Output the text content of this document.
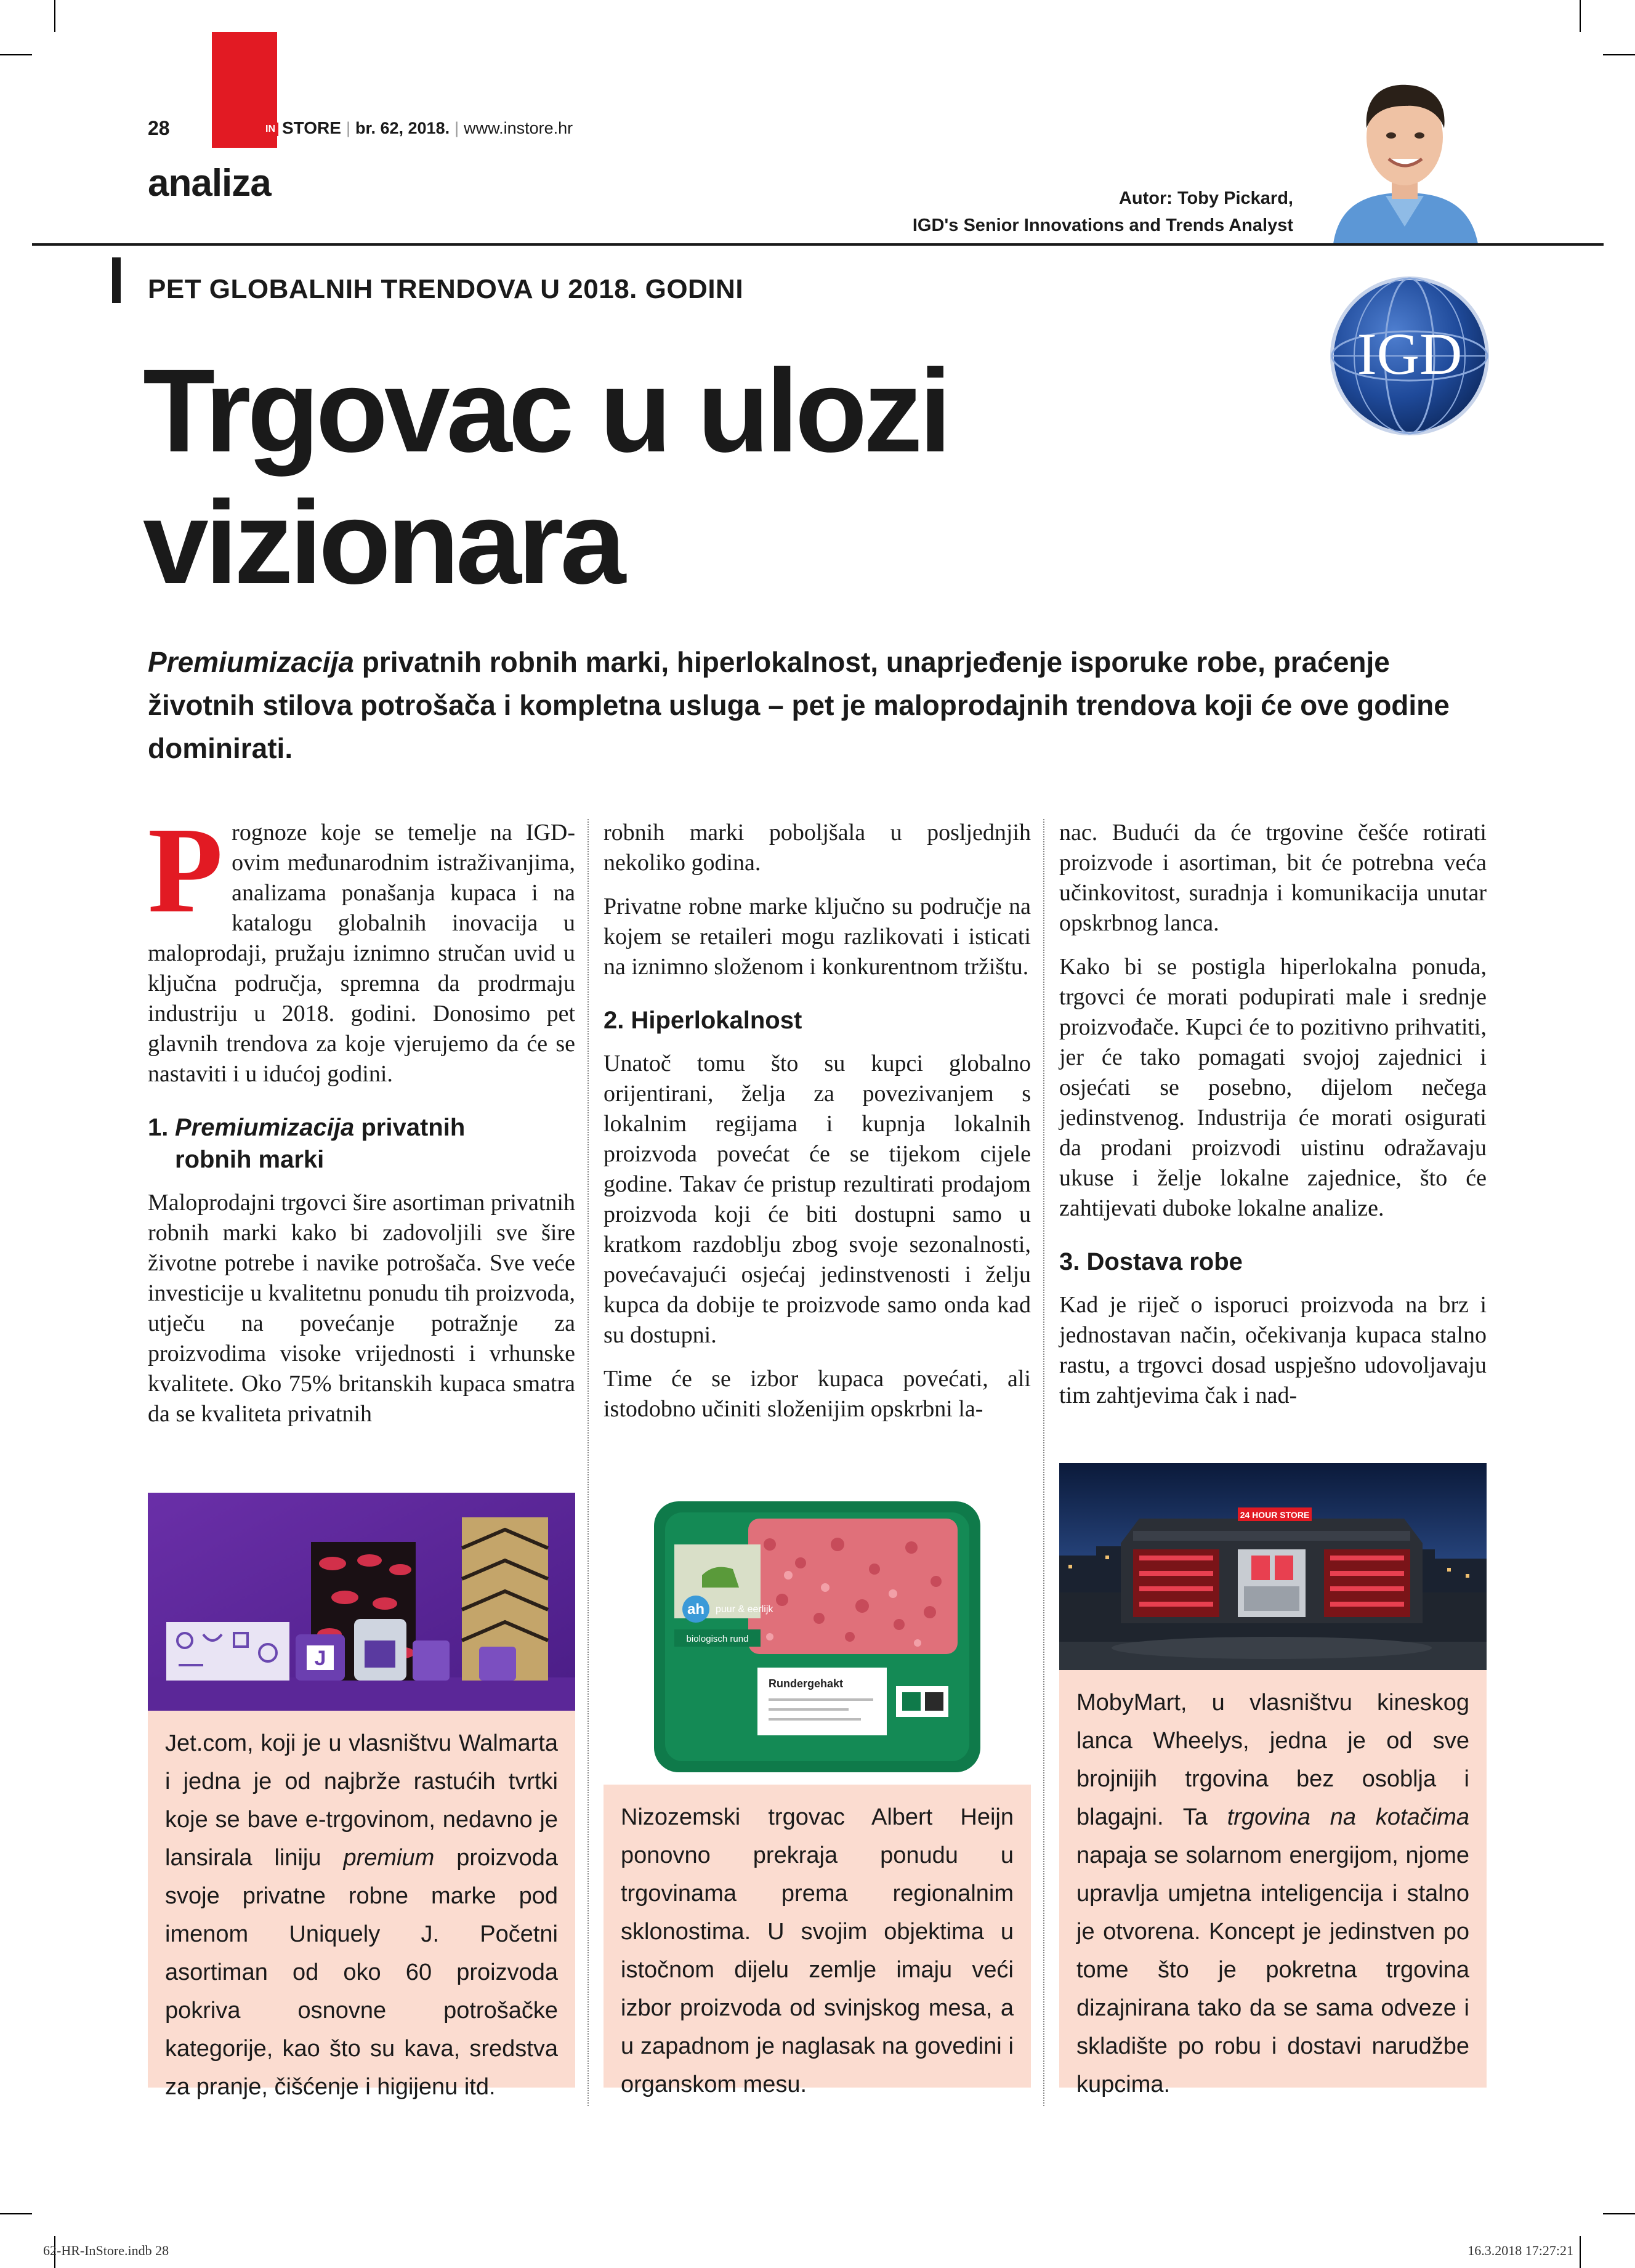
28	IN STORE | br. 62, 2018. | www.instore.hr
analiza	Autor: Toby Pickard,
IGD's Senior Innovations and Trends Analyst
PET GLOBALNIH TRENDOVA U 2018. GODINI
IGD
Trgovac u ulozi
vizionara
Premiumizacija privatnih robnih marki, hiperlokalnost, unaprjeđenje isporuke robe, praćenje životnih stilova potrošača i kompletna usluga – pet je maloprodajnih trendova koji će ove godine dominirati.

Prognoze koje se temelje na IGD-ovim međunarodnim istraživanjima, analizama ponašanja kupaca i na katalogu globalnih inovacija u maloprodaji, pružaju iznimno stručan uvid u ključna područja, spremna da prodrmaju industriju u 2018. godini. Donosimo pet glavnih trendova za koje vjerujemo da će se nastaviti i u idućoj godini.

1. Premiumizacija privatnih
robnih marki

Maloprodajni trgovci šire asortiman privatnih robnih marki kako bi zadovoljili sve šire životne potrebe i navike potrošača. Sve veće investicije u kvalitetnu ponudu tih proizvoda, utječu na povećanje potražnje za proizvodima visoke vrijednosti i vrhunske kvalitete. Oko 75% britanskih kupaca smatra da se kvaliteta privatnih

robnih marki poboljšala u posljednjih nekoliko godina.

Privatne robne marke ključno su područje na kojem se retaileri mogu razlikovati i isticati na iznimno složenom i konkurentnom tržištu.

2. Hiperlokalnost

Unatoč tomu što su kupci globalno orijentirani, želja za povezivanjem s lokalnim regijama i kupnja lokalnih proizvoda povećat će se tijekom cijele godine. Takav će pristup rezultirati prodajom proizvoda koji će biti dostupni samo u kratkom razdoblju zbog svoje sezonalnosti, povećavajući osjećaj jedinstvenosti i želju kupca da dobije te proizvode samo onda kad su dostupni.

Time će se izbor kupaca povećati, ali istodobno učiniti složenijim opskrbni la-

nac. Budući da će trgovine češće rotirati proizvode i asortiman, bit će potrebna veća učinkovitost, suradnja i komunikacija unutar opskrbnog lanca.

Kako bi se postigla hiperlokalna ponuda, trgovci će morati podupirati male i srednje proizvođače. Kupci će to pozitivno prihvatiti, jer će tako pomagati svojoj zajednici i osjećati se posebno, dijelom nečega jedinstvenog. Industrija će morati osigurati da prodani proizvodi uistinu odražavaju ukuse i želje lokalne zajednice, što će zahtijevati duboke lokalne analize.

3. Dostava robe

Kad je riječ o isporuci proizvoda na brz i jednostavan način, očekivanja kupaca stalno rastu, a trgovci dosad uspješno udovoljavaju tim zahtjevima čak i nad-

J
Jet.com, koji je u vlasništvu Walmarta i jedna je od najbrže rastućih tvrtki koje se bave e-trgovinom, nedavno je lansirala liniju premium proizvoda svoje privatne robne marke pod imenom Uniquely J. Početni asortiman od oko 60 proizvoda pokriva osnovne potrošačke kategorije, kao što su kava, sredstva za pranje, čišćenje i higijenu itd.
ah puur & eerlijk
biologisch rund
Rundergehakt
Nizozemski trgovac Albert Heijn ponovno prekraja ponudu u trgovinama prema regionalnim sklonostima. U svojim objektima u istočnom dijelu zemlje imaju veći izbor proizvoda od svinjskog mesa, a u zapadnom je naglasak na govedini i organskom mesu.
24 HOUR STORE
MobyMart, u vlasništvu kineskog lanca Wheelys, jedna je od sve brojnijih trgovina bez osoblja i blagajni. Ta trgovina na kotačima napaja se solarnom energijom, njome upravlja umjetna inteligencija i stalno je otvorena. Koncept je jedinstven po tome što je pokretna trgovina dizajnirana tako da se sama odveze i skladište po robu i dostavi narudžbe kupcima.
62-HR-InStore.indb 28	16.3.2018 17:27:21
